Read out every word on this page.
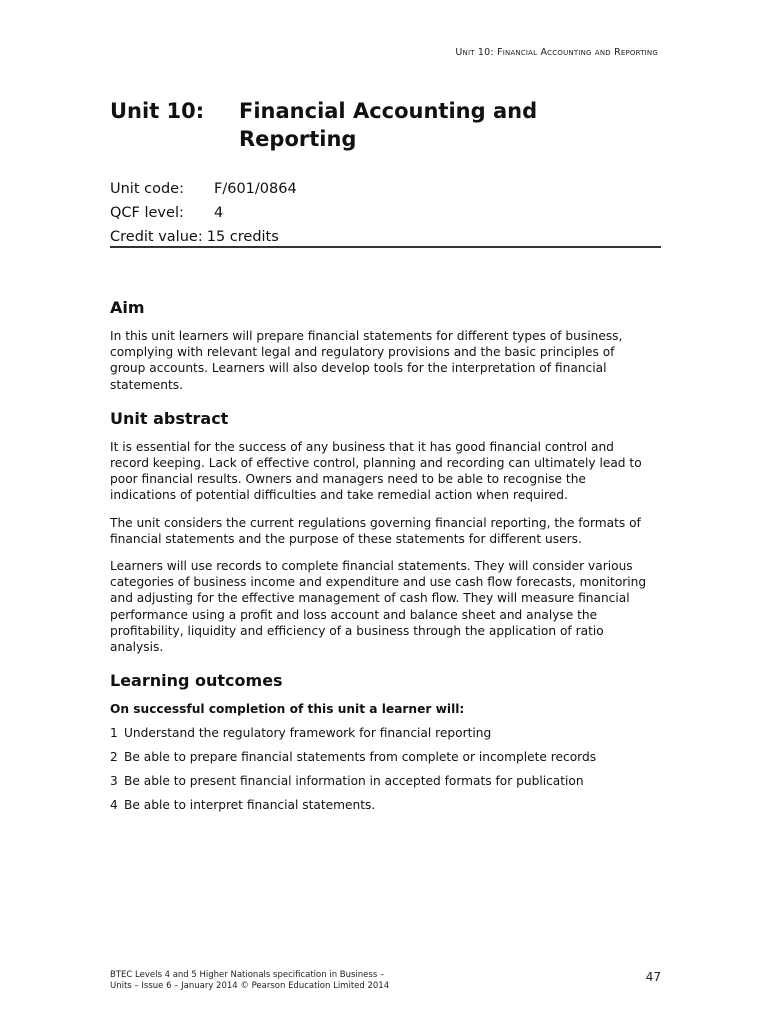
Unit 10: Financial Accounting and Reporting
Unit 10:	Financial Accounting and Reporting
Unit code:	F/601/0864
QCF level:	4
Credit value: 15 credits
Aim

In this unit learners will prepare financial statements for different types of business, complying with relevant legal and regulatory provisions and the basic principles of group accounts. Learners will also develop tools for the interpretation of financial statements.

Unit abstract

It is essential for the success of any business that it has good financial control and record keeping. Lack of effective control, planning and recording can ultimately lead to poor financial results. Owners and managers need to be able to recognise the indications of potential difficulties and take remedial action when required.

The unit considers the current regulations governing financial reporting, the formats of financial statements and the purpose of these statements for different users.

Learners will use records to complete financial statements. They will consider various categories of business income and expenditure and use cash flow forecasts, monitoring and adjusting for the effective management of cash flow. They will measure financial performance using a profit and loss account and balance sheet and analyse the profitability, liquidity and efficiency of a business through the application of ratio analysis.

Learning outcomes
On successful completion of this unit a learner will:
1 Understand the regulatory framework for financial reporting
2 Be able to prepare financial statements from complete or incomplete records
3 Be able to present financial information in accepted formats for publication
4 Be able to interpret financial statements.
BTEC Levels 4 and 5 Higher Nationals specification in Business –
Units – Issue 6 – January 2014 © Pearson Education Limited 2014
47
